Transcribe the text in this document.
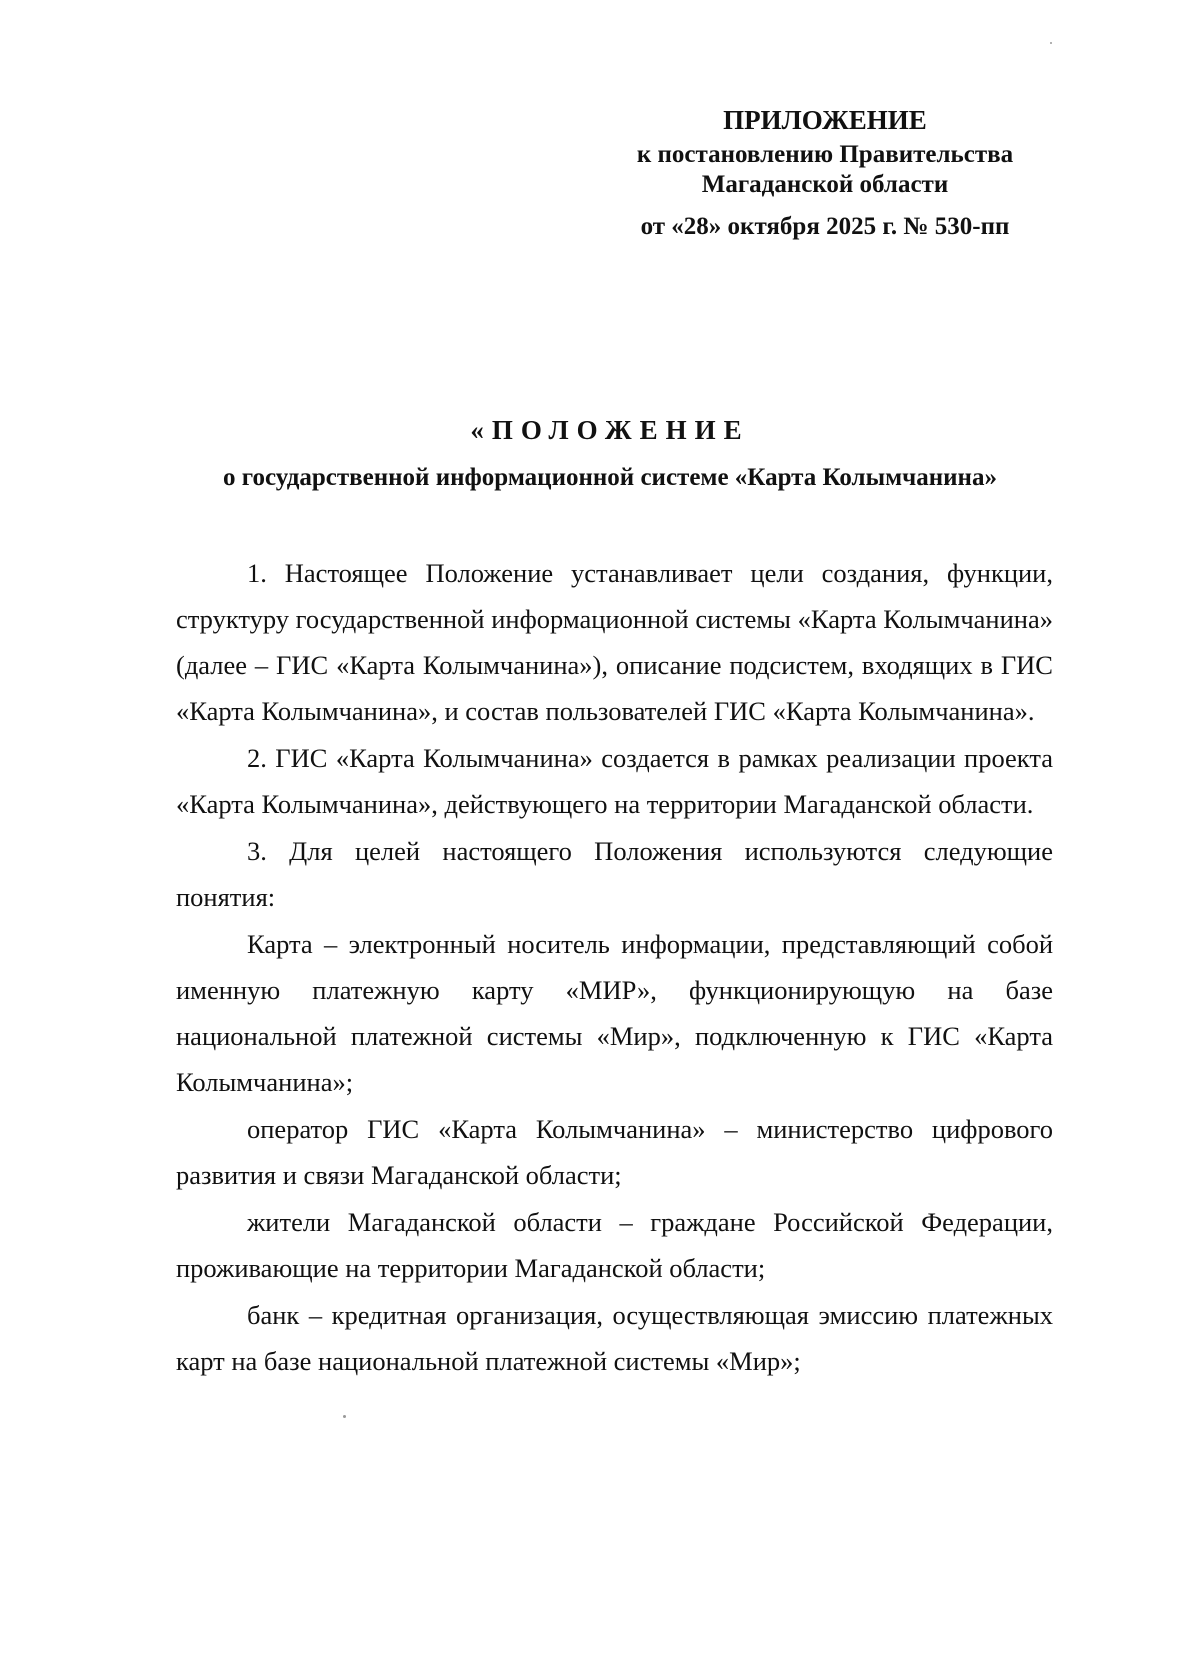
ПРИЛОЖЕНИЕ
к постановлению Правительства
Магаданской области
от «28» октября 2025 г. № 530-пп
«ПОЛОЖЕНИЕ
о государственной информационной системе «Карта Колымчанина»

1. Настоящее Положение устанавливает цели создания, функции, структуру государственной информационной системы «Карта Колымчанина» (далее – ГИС «Карта Колымчанина»), описание подсистем, входящих в ГИС «Карта Колымчанина», и состав пользователей ГИС «Карта Колымчанина».

2. ГИС «Карта Колымчанина» создается в рамках реализации проекта «Карта Колымчанина», действующего на территории Магаданской области.

3. Для целей настоящего Положения используются следующие понятия:

Карта – электронный носитель информации, представляющий собой именную платежную карту «МИР», функционирующую на базе национальной платежной системы «Мир», подключенную к ГИС «Карта Колымчанина»;

оператор ГИС «Карта Колымчанина» – министерство цифрового развития и связи Магаданской области;

жители Магаданской области – граждане Российской Федерации, проживающие на территории Магаданской области;

банк – кредитная организация, осуществляющая эмиссию платежных карт на базе национальной платежной системы «Мир»;
